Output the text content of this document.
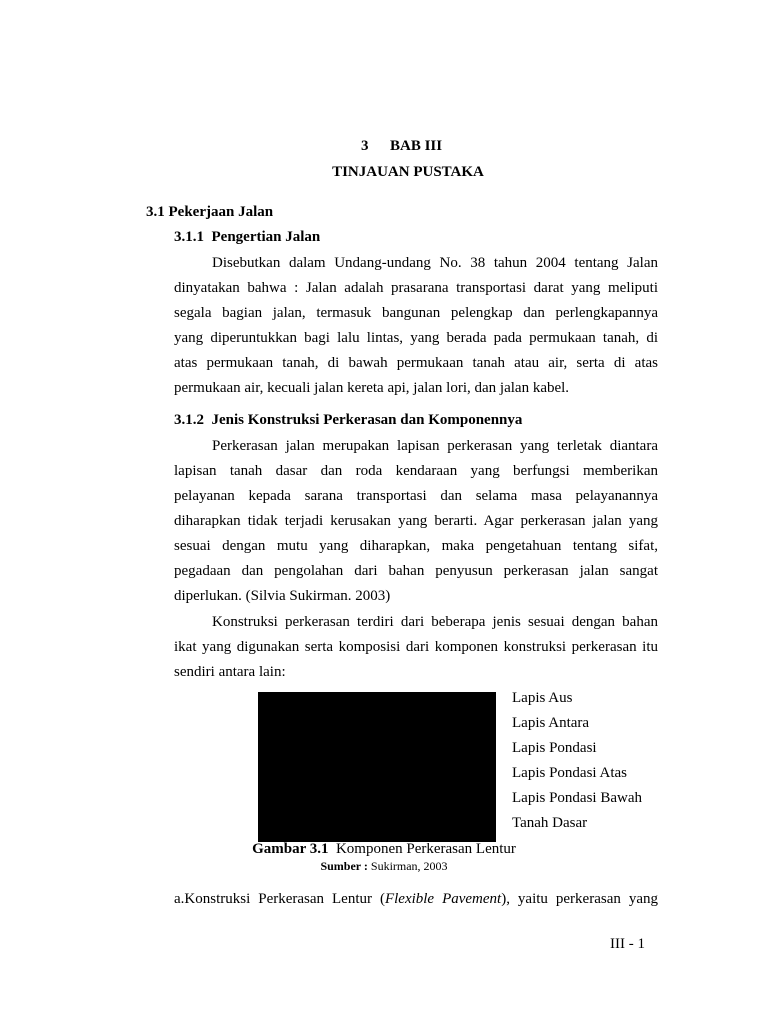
3 BAB III
TINJAUAN PUSTAKA
3.1 Pekerjaan Jalan
3.1.1  Pengertian Jalan
Disebutkan dalam Undang-undang No. 38 tahun 2004 tentang Jalan
dinyatakan bahwa : Jalan adalah prasarana transportasi darat yang meliputi
segala bagian jalan, termasuk bangunan pelengkap dan perlengkapannya
yang diperuntukkan bagi lalu lintas, yang berada pada permukaan tanah, di
atas permukaan tanah, di bawah permukaan tanah atau air, serta di atas
permukaan air, kecuali jalan kereta api, jalan lori, dan jalan kabel.
3.1.2  Jenis Konstruksi Perkerasan dan Komponennya
Perkerasan jalan merupakan lapisan perkerasan yang terletak diantara
lapisan tanah dasar dan roda kendaraan yang berfungsi memberikan
pelayanan kepada sarana transportasi dan selama masa pelayanannya
diharapkan tidak terjadi kerusakan yang berarti. Agar perkerasan jalan yang
sesuai dengan mutu yang diharapkan, maka pengetahuan tentang sifat,
pegadaan dan pengolahan dari bahan penyusun perkerasan jalan sangat
diperlukan. (Silvia Sukirman. 2003)
Konstruksi perkerasan terdiri dari beberapa jenis sesuai dengan bahan
ikat yang digunakan serta komposisi dari komponen konstruksi perkerasan itu
sendiri antara lain:
Lapis Aus
Lapis Antara
Lapis Pondasi
Lapis Pondasi Atas
Lapis Pondasi Bawah
Tanah Dasar
Gambar 3.1 Komponen Perkerasan Lentur
Sumber : Sukirman, 2003
a.Konstruksi Perkerasan Lentur (Flexible Pavement), yaitu perkerasan yang
III - 1
